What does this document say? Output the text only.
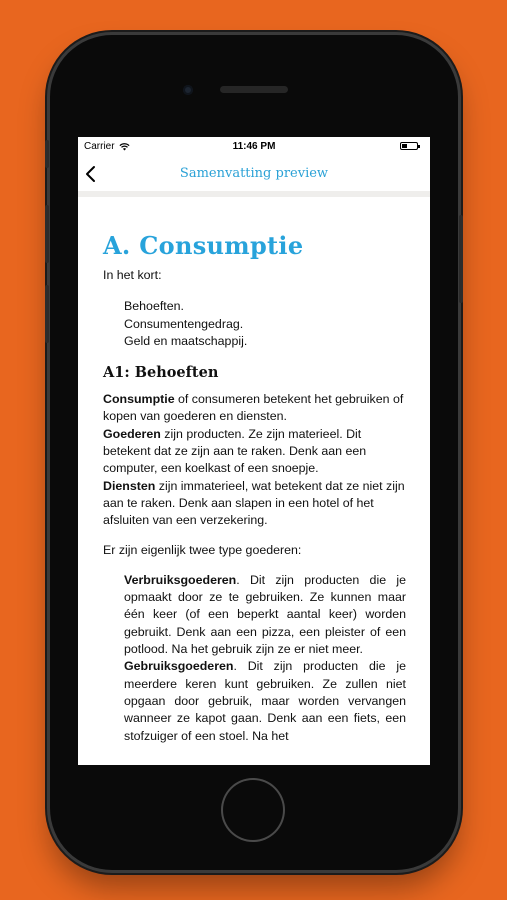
Carrier	11:46 PM
Samenvatting preview
A. Consumptie

In het kort:

Behoeften.
Consumentengedrag.
Geld en maatschappij.
A1: Behoeften

Consumptie of consumeren betekent het gebruiken of kopen van goederen en diensten.

Goederen zijn producten. Ze zijn materieel. Dit betekent dat ze zijn aan te raken. Denk aan een computer, een koelkast of een snoepje.

Diensten zijn immaterieel, wat betekent dat ze niet zijn aan te raken. Denk aan slapen in een hotel of het afsluiten van een verzekering.

Er zijn eigenlijk twee type goederen:

Verbruiksgoederen. Dit zijn producten die je opmaakt door ze te gebruiken. Ze kunnen maar één keer (of een beperkt aantal keer) worden gebruikt. Denk aan een pizza, een pleister of een potlood. Na het gebruik zijn ze er niet meer.

Gebruiksgoederen. Dit zijn producten die je meerdere keren kunt gebruiken. Ze zullen niet opgaan door gebruik, maar worden vervangen wanneer ze kapot gaan. Denk aan een fiets, een stofzuiger of een stoel. Na het
